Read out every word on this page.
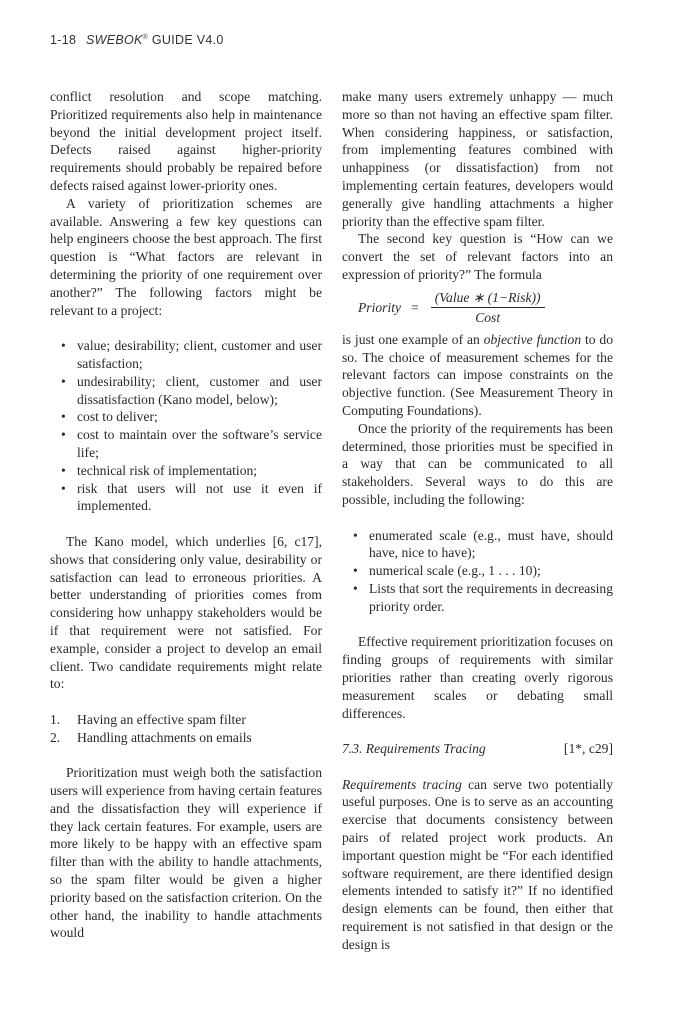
1-18 SWEBOK® GUIDE V4.0

conflict resolution and scope matching. Prioritized requirements also help in maintenance beyond the initial development project itself. Defects raised against higher-priority requirements should probably be repaired before defects raised against lower-priority ones.

A variety of prioritization schemes are available. Answering a few key questions can help engineers choose the best approach. The first question is “What factors are relevant in determining the priority of one requirement over another?” The following factors might be relevant to a project:

• value; desirability; client, customer and user satisfaction;
• undesirability; client, customer and user dissatisfaction (Kano model, below);
• cost to deliver;
• cost to maintain over the software’s service life;
• technical risk of implementation;
• risk that users will not use it even if implemented.

The Kano model, which underlies [6, c17], shows that considering only value, desirability or satisfaction can lead to erroneous priorities. A better understanding of priorities comes from considering how unhappy stakeholders would be if that requirement were not satisfied. For example, consider a project to develop an email client. Two candidate requirements might relate to:

1. Having an effective spam filter
2. Handling attachments on emails

Prioritization must weigh both the satisfaction users will experience from having certain features and the dissatisfaction they will experience if they lack certain features. For example, users are more likely to be happy with an effective spam filter than with the ability to handle attachments, so the spam filter would be given a higher priority based on the satisfaction criterion. On the other hand, the inability to handle attachments would

make many users extremely unhappy — much more so than not having an effective spam filter. When considering happiness, or satisfaction, from implementing features combined with unhappiness (or dissatisfaction) from not implementing certain features, developers would generally give handling attachments a higher priority than the effective spam filter.

The second key question is “How can we convert the set of relevant factors into an expression of priority?” The formula

Priority = $\frac{\text{(Value ∗ (1−Risk))}}{\text{Cost}}$

is just one example of an objective function to do so. The choice of measurement schemes for the relevant factors can impose constraints on the objective function. (See Measurement Theory in Computing Foundations).

Once the priority of the requirements has been determined, those priorities must be specified in a way that can be communicated to all stakeholders. Several ways to do this are possible, including the following:

• enumerated scale (e.g., must have, should have, nice to have);
• numerical scale (e.g., 1 . . . 10);
• Lists that sort the requirements in decreasing priority order.

Effective requirement prioritization focuses on finding groups of requirements with similar priorities rather than creating overly rigorous measurement scales or debating small differences.

7.3. Requirements Tracing	[1*, c29]

Requirements tracing can serve two potentially useful purposes. One is to serve as an accounting exercise that documents consistency between pairs of related project work products. An important question might be “For each identified software requirement, are there identified design elements intended to satisfy it?” If no identified design elements can be found, then either that requirement is not satisfied in that design or the design is
